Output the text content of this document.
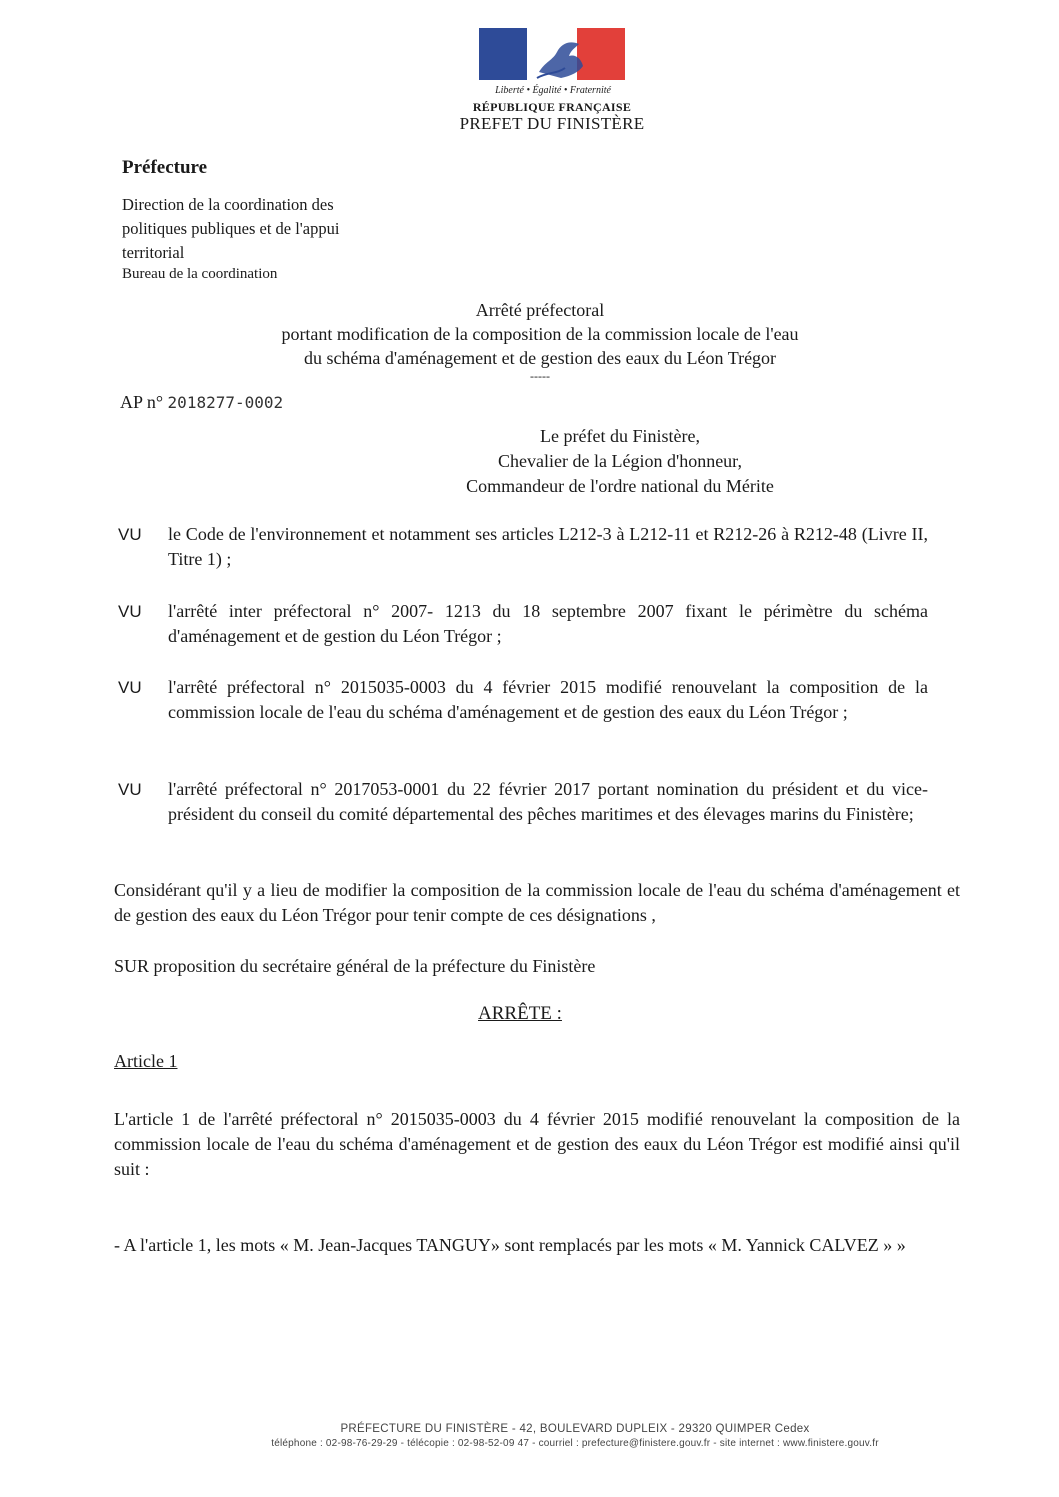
Liberté • Égalité • Fraternité
RÉPUBLIQUE FRANÇAISE
PREFET DU FINISTÈRE
Préfecture
Direction de la coordination des politiques publiques et de l'appui territorial
Bureau de la coordination
Arrêté préfectoral
portant modification de la composition de la commission locale de l'eau
du schéma d'aménagement et de gestion des eaux du Léon Trégor
-----
AP n° 2018277-0002
Le préfet du Finistère,
Chevalier de la Légion d'honneur,
Commandeur de l'ordre national du Mérite
VU	le Code de l'environnement et notamment ses articles L212-3 à L212-11 et R212-26 à R212-48 (Livre II, Titre 1) ;
VU	l'arrêté inter préfectoral n° 2007- 1213 du 18 septembre 2007 fixant le périmètre du schéma d'aménagement et de gestion du Léon Trégor ;
VU	l'arrêté préfectoral n° 2015035-0003 du 4 février 2015 modifié renouvelant la composition de la commission locale de l'eau du schéma d'aménagement et de gestion des eaux du Léon Trégor ;
VU	l'arrêté préfectoral n° 2017053-0001 du 22 février 2017 portant nomination du président et du vice-président du conseil du comité départemental des pêches maritimes et des élevages marins du Finistère;
Considérant qu'il y a lieu de modifier la composition de la commission locale de l'eau du schéma d'aménagement et de gestion des eaux du Léon Trégor pour tenir compte de ces désignations ,
SUR proposition du secrétaire général de la préfecture du Finistère
ARRÊTE :
Article 1
L'article 1 de l'arrêté préfectoral n° 2015035-0003 du 4 février 2015 modifié renouvelant la composition de la commission locale de l'eau du schéma d'aménagement et de gestion des eaux du Léon Trégor est modifié ainsi qu'il suit :
- A l'article 1, les mots « M. Jean-Jacques TANGUY» sont remplacés par les mots « M. Yannick CALVEZ » »
PRÉFECTURE DU FINISTÈRE - 42, BOULEVARD DUPLEIX - 29320 QUIMPER Cedex
téléphone : 02-98-76-29-29 - télécopie : 02-98-52-09 47 - courriel : prefecture@finistere.gouv.fr - site internet : www.finistere.gouv.fr
